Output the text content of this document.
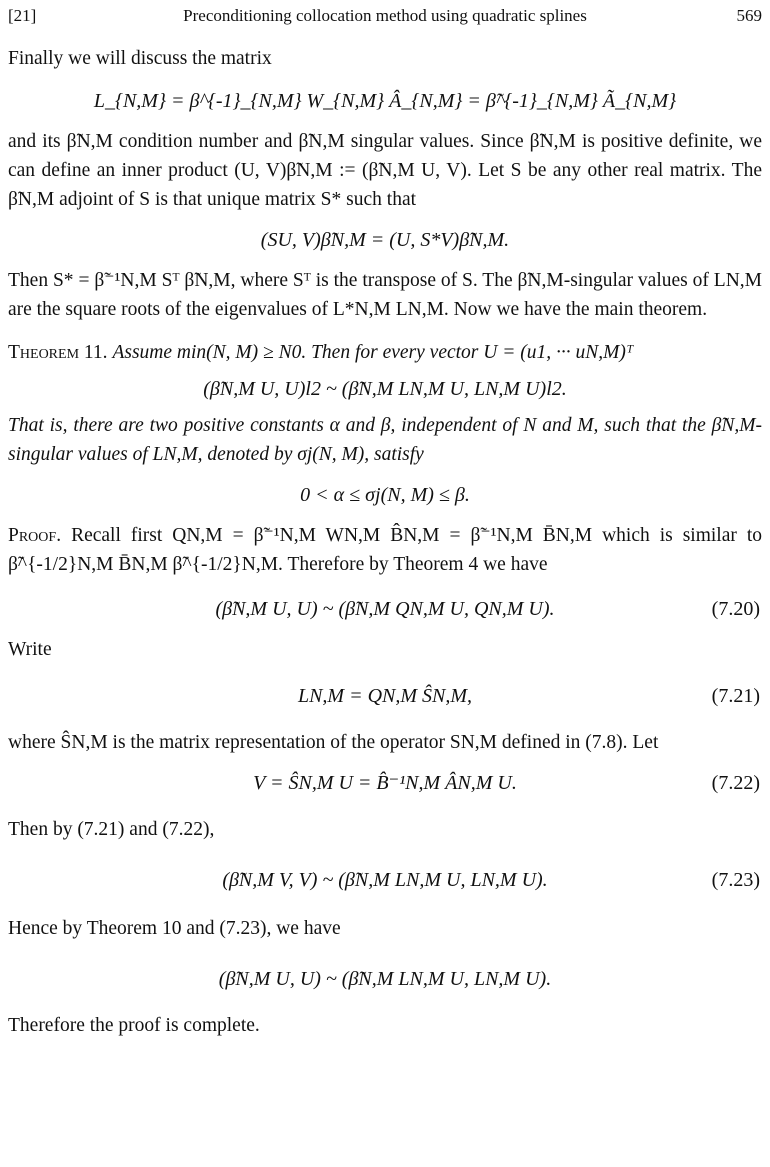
[21]	Preconditioning collocation method using quadratic splines	569

Finally we will discuss the matrix

L_{N,M} = β^{-1}_{N,M} W_{N,M} Â_{N,M} = β̃^{-1}_{N,M} Ã_{N,M}

and its β̃N,M condition number and β̃N,M singular values. Since β̃N,M is positive definite, we can define an inner product (U, V)β̃N,M := (β̃N,M U, V). Let S be any other real matrix. The β̃N,M adjoint of S is that unique matrix S* such that

(SU, V)β̃N,M = (U, S*V)β̃N,M.

Then S* = β̃⁻¹N,M Sᵀ β̃N,M, where Sᵀ is the transpose of S. The β̃N,M-singular values of LN,M are the square roots of the eigenvalues of L*N,M LN,M. Now we have the main theorem.

Theorem 11. Assume min(N, M) ≥ N0. Then for every vector U = (u1, ··· uN,M)ᵀ

(β̃N,M U, U)l2 ~ (β̃N,M LN,M U, LN,M U)l2.

That is, there are two positive constants α and β, independent of N and M, such that the β̃N,M-singular values of LN,M, denoted by σj(N, M), satisfy

0 < α ≤ σj(N, M) ≤ β.

Proof. Recall first QN,M = β̃⁻¹N,M WN,M B̂N,M = β̃⁻¹N,M B̄N,M which is similar to β̃^{-1/2}N,M B̄N,M β̃^{-1/2}N,M. Therefore by Theorem 4 we have

(β̃N,M U, U) ~ (β̃N,M QN,M U, QN,M U).	(7.20)

Write

LN,M = QN,M ŜN,M,	(7.21)

where ŜN,M is the matrix representation of the operator SN,M defined in (7.8). Let

V = ŜN,M U = B̂⁻¹N,M ÂN,M U.	(7.22)

Then by (7.21) and (7.22),

(β̃N,M V, V) ~ (β̃N,M LN,M U, LN,M U).	(7.23)

Hence by Theorem 10 and (7.23), we have

(β̃N,M U, U) ~ (β̃N,M LN,M U, LN,M U).

Therefore the proof is complete.
